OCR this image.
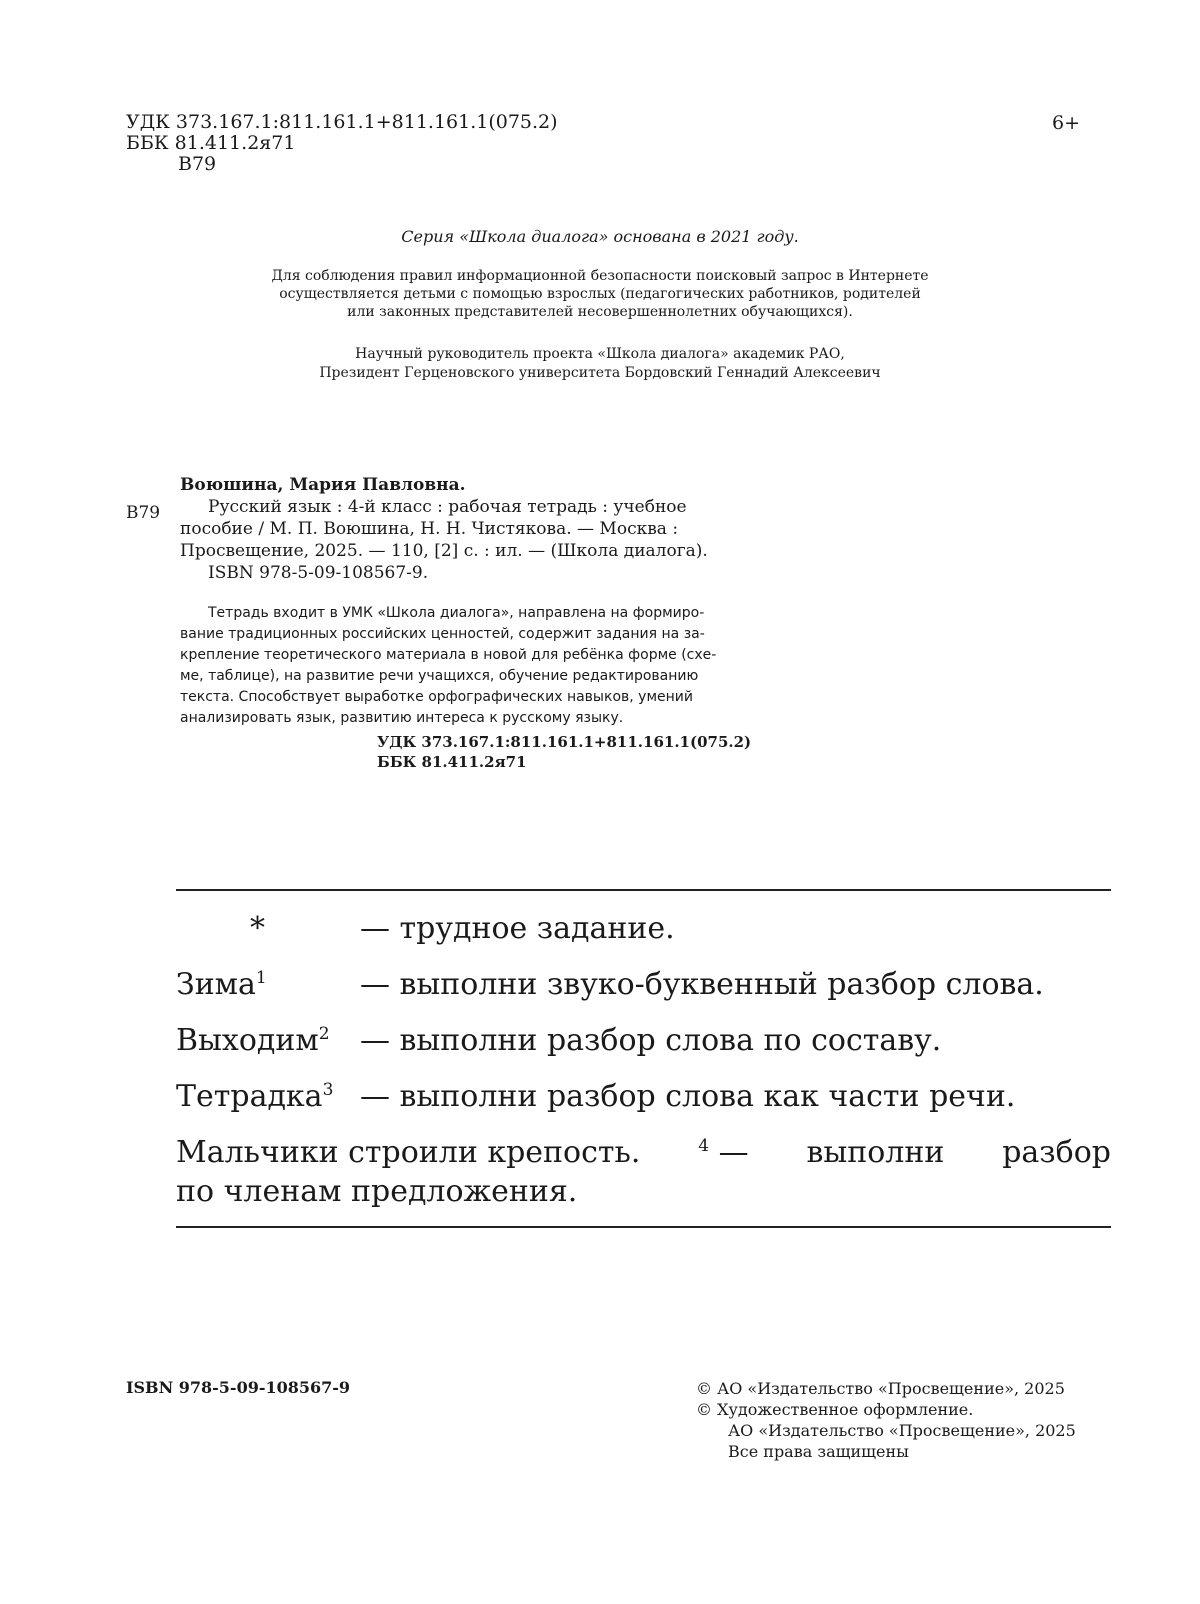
УДК 373.167.1:811.161.1+811.161.1(075.2)
ББК 81.411.2я71
В79
6+
Серия «Школа диалога» основана в 2021 году.
Для соблюдения правил информационной безопасности поисковый запрос в Интернете
осуществляется детьми с помощью взрослых (педагогических работников, родителей
или законных представителей несовершеннолетних обучающихся).
Научный руководитель проекта «Школа диалога» академик РАО,
Президент Герценовского университета Бордовский Геннадий Алексеевич
В79
Воюшина, Мария Павловна.
Русский язык : 4-й класс : рабочая тетрадь : учебное
пособие / М. П. Воюшина, Н. Н. Чистякова. — Москва :
Просвещение, 2025. — 110, [2] с. : ил. — (Школа диалога).
ISBN 978-5-09-108567-9.
Тетрадь входит в УМК «Школа диалога», направлена на формиро-
вание традиционных российских ценностей, содержит задания на за-
крепление теоретического материала в новой для ребёнка форме (схе-
ме, таблице), на развитие речи учащихся, обучение редактированию
текста. Способствует выработке орфографических навыков, умений
анализировать язык, развитию интереса к русскому языку.
УДК 373.167.1:811.161.1+811.161.1(075.2)
ББК 81.411.2я71
*	— трудное задание.
Зима$^1$	— выполни звуко-буквенный разбор слова.
Выходим$^2$ — выполни разбор слова по составу.
Тетрадка$^3$ — выполни разбор слова как части речи.
Мальчики строили крепость.	$^4$ — выполни разбор
по членам предложения.
ISBN 978-5-09-108567-9	© АО «Издательство «Просвещение», 2025
© Художественное оформление.
АО «Издательство «Просвещение», 2025
Все права защищены
